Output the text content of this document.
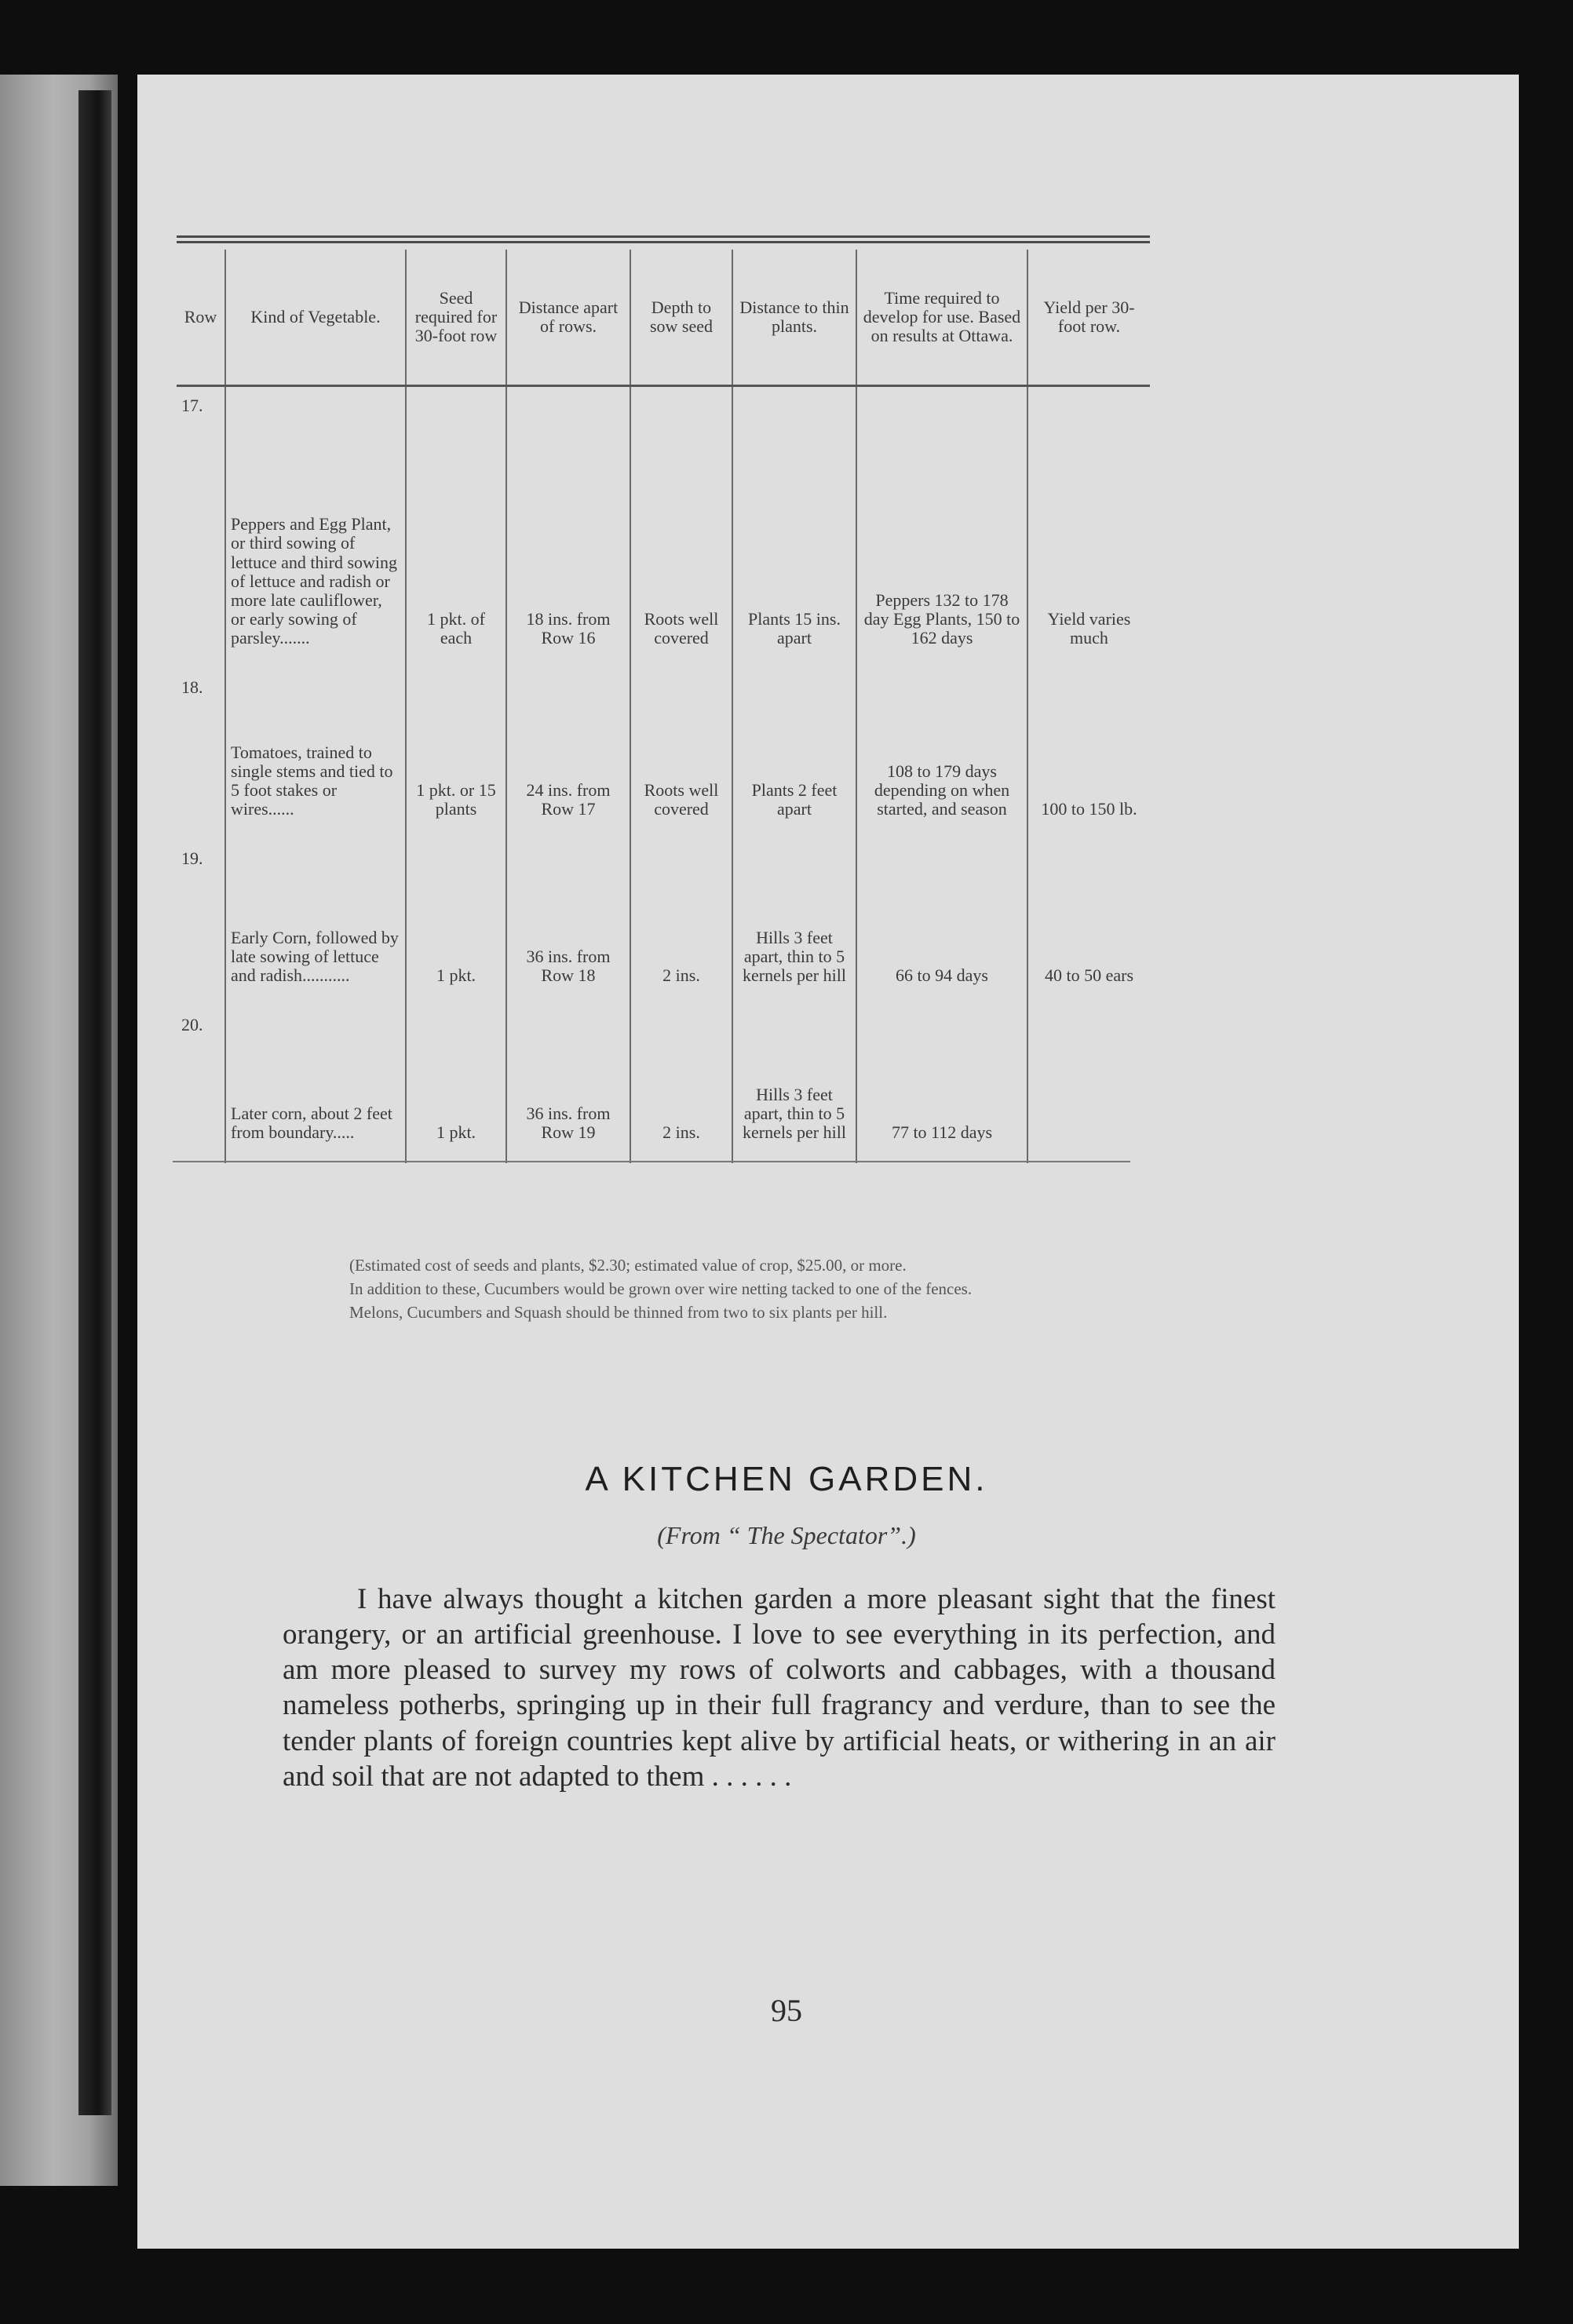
Row	Kind of Vegetable.	Seed required for 30-foot row	Distance apart of rows.	Depth to sow seed	Distance to thin plants.	Time required to develop for use. Based on results at Ottawa.	Yield per 30-foot row.
17.	Peppers and Egg Plant, or third sowing of lettuce and third sowing of lettuce and radish or more late cauliflower, or early sowing of parsley.......	1 pkt. of each	18 ins. from Row 16	Roots well covered	Plants 15 ins. apart	Peppers 132 to 178 day Egg Plants, 150 to 162 days	Yield varies much
18.	Tomatoes, trained to single stems and tied to 5 foot stakes or wires......	1 pkt. or 15 plants	24 ins. from Row 17	Roots well covered	Plants 2 feet apart	108 to 179 days depending on when started, and season	100 to 150 lb.
19.	Early Corn, followed by late sowing of lettuce and radish...........	1 pkt.	36 ins. from Row 18	2 ins.	Hills 3 feet apart, thin to 5 kernels per hill	66 to 94 days	40 to 50 ears
20.	Later corn, about 2 feet from boundary.....	1 pkt.	36 ins. from Row 19	2 ins.	Hills 3 feet apart, thin to 5 kernels per hill	77 to 112 days	

(Estimated cost of seeds and plants, $2.30; estimated value of crop, $25.00, or more.

In addition to these, Cucumbers would be grown over wire netting tacked to one of the fences.

Melons, Cucumbers and Squash should be thinned from two to six plants per hill.

A KITCHEN GARDEN.
(From “ The Spectator”.)

I have always thought a kitchen garden a more pleasant sight that the finest orangery, or an artificial greenhouse. I love to see everything in its perfection, and am more pleased to survey my rows of colworts and cabbages, with a thousand nameless potherbs, springing up in their full fragrancy and verdure, than to see the tender plants of foreign countries kept alive by artificial heats, or withering in an air and soil that are not adapted to them . . . . . .

95
